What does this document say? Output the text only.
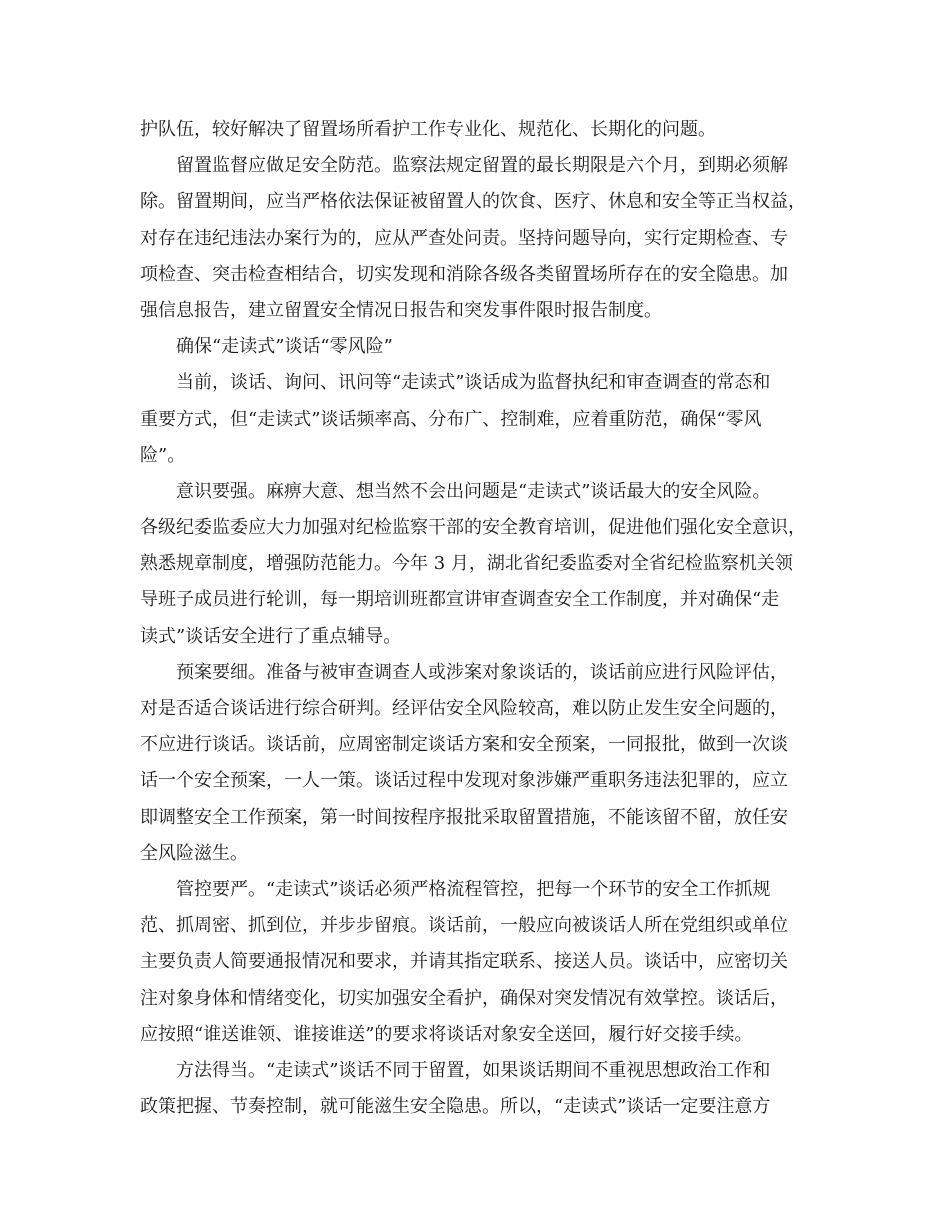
护队伍，较好解决了留置场所看护工作专业化、规范化、长期化的问题。
留置监督应做足安全防范。监察法规定留置的最长期限是六个月，到期必须解
除。留置期间，应当严格依法保证被留置人的饮食、医疗、休息和安全等正当权益，
对存在违纪违法办案行为的，应从严查处问责。坚持问题导向，实行定期检查、专
项检查、突击检查相结合，切实发现和消除各级各类留置场所存在的安全隐患。加
强信息报告，建立留置安全情况日报告和突发事件限时报告制度。
确保“走读式”谈话“零风险”
当前，谈话、询问、讯问等“走读式”谈话成为监督执纪和审查调查的常态和
重要方式，但“走读式”谈话频率高、分布广、控制难，应着重防范，确保“零风
险”。
意识要强。麻痹大意、想当然不会出问题是“走读式”谈话最大的安全风险。
各级纪委监委应大力加强对纪检监察干部的安全教育培训，促进他们强化安全意识，
熟悉规章制度，增强防范能力。今年 3 月，湖北省纪委监委对全省纪检监察机关领
导班子成员进行轮训，每一期培训班都宣讲审查调查安全工作制度，并对确保“走
读式”谈话安全进行了重点辅导。
预案要细。准备与被审查调查人或涉案对象谈话的，谈话前应进行风险评估，
对是否适合谈话进行综合研判。经评估安全风险较高，难以防止发生安全问题的，
不应进行谈话。谈话前，应周密制定谈话方案和安全预案，一同报批，做到一次谈
话一个安全预案，一人一策。谈话过程中发现对象涉嫌严重职务违法犯罪的，应立
即调整安全工作预案，第一时间按程序报批采取留置措施，不能该留不留，放任安
全风险滋生。
管控要严。“走读式”谈话必须严格流程管控，把每一个环节的安全工作抓规
范、抓周密、抓到位，并步步留痕。谈话前，一般应向被谈话人所在党组织或单位
主要负责人简要通报情况和要求，并请其指定联系、接送人员。谈话中，应密切关
注对象身体和情绪变化，切实加强安全看护，确保对突发情况有效掌控。谈话后，
应按照“谁送谁领、谁接谁送”的要求将谈话对象安全送回，履行好交接手续。
方法得当。“走读式”谈话不同于留置，如果谈话期间不重视思想政治工作和
政策把握、节奏控制，就可能滋生安全隐患。所以，“走读式”谈话一定要注意方
